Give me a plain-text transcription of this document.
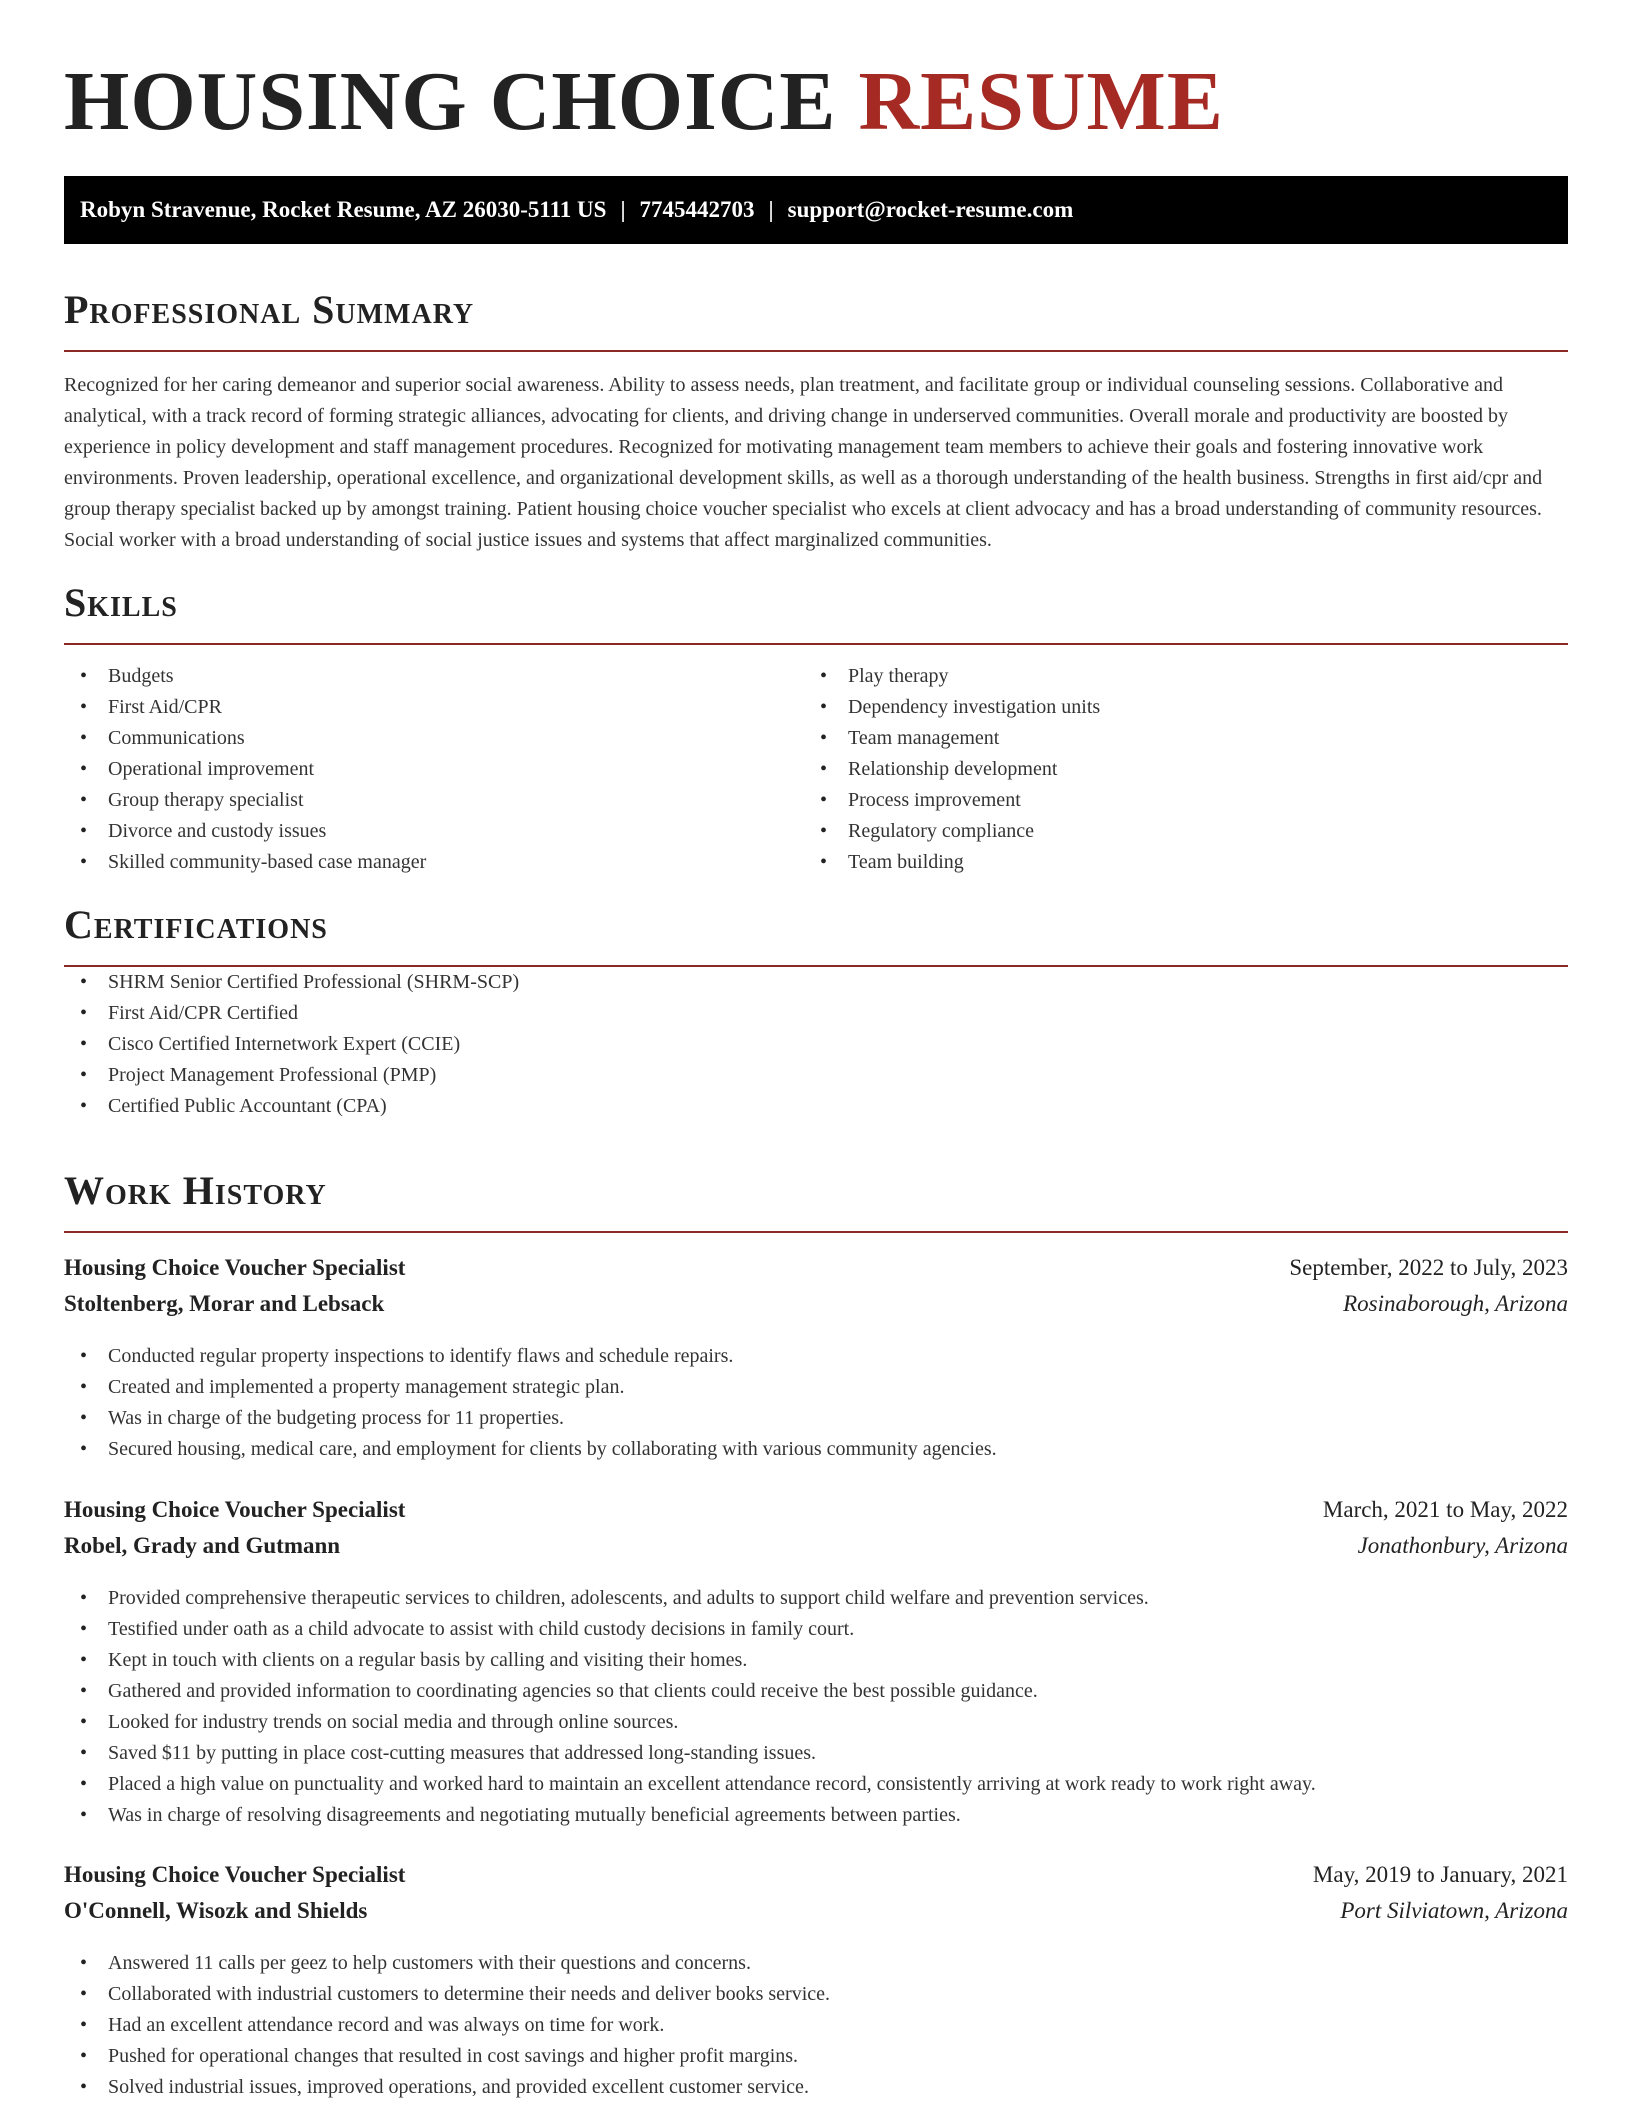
HOUSING CHOICE RESUME
Robyn Stravenue, Rocket Resume, AZ 26030-5111 US | 7745442703 | support@rocket-resume.com
Professional Summary

Recognized for her caring demeanor and superior social awareness. Ability to assess needs, plan treatment, and facilitate group or individual counseling sessions. Collaborative and analytical, with a track record of forming strategic alliances, advocating for clients, and driving change in underserved communities. Overall morale and productivity are boosted by experience in policy development and staff management procedures. Recognized for motivating management team members to achieve their goals and fostering innovative work environments. Proven leadership, operational excellence, and organizational development skills, as well as a thorough understanding of the health business. Strengths in first aid/cpr and group therapy specialist backed up by amongst training. Patient housing choice voucher specialist who excels at client advocacy and has a broad understanding of community resources. Social worker with a broad understanding of social justice issues and systems that affect marginalized communities.

Skills
• Budgets
• First Aid/CPR
• Communications
• Operational improvement
• Group therapy specialist
• Divorce and custody issues
• Skilled community-based case manager
• Play therapy
• Dependency investigation units
• Team management
• Relationship development
• Process improvement
• Regulatory compliance
• Team building
Certifications
• SHRM Senior Certified Professional (SHRM-SCP)
• First Aid/CPR Certified
• Cisco Certified Internetwork Expert (CCIE)
• Project Management Professional (PMP)
• Certified Public Accountant (CPA)
Work History
Housing Choice Voucher Specialist	September, 2022 to July, 2023
Stoltenberg, Morar and Lebsack	Rosinaborough, Arizona
• Conducted regular property inspections to identify flaws and schedule repairs.
• Created and implemented a property management strategic plan.
• Was in charge of the budgeting process for 11 properties.
• Secured housing, medical care, and employment for clients by collaborating with various community agencies.
Housing Choice Voucher Specialist	March, 2021 to May, 2022
Robel, Grady and Gutmann	Jonathonbury, Arizona
• Provided comprehensive therapeutic services to children, adolescents, and adults to support child welfare and prevention services.
• Testified under oath as a child advocate to assist with child custody decisions in family court.
• Kept in touch with clients on a regular basis by calling and visiting their homes.
• Gathered and provided information to coordinating agencies so that clients could receive the best possible guidance.
• Looked for industry trends on social media and through online sources.
• Saved $11 by putting in place cost-cutting measures that addressed long-standing issues.
• Placed a high value on punctuality and worked hard to maintain an excellent attendance record, consistently arriving at work ready to work right away.
• Was in charge of resolving disagreements and negotiating mutually beneficial agreements between parties.
Housing Choice Voucher Specialist	May, 2019 to January, 2021
O'Connell, Wisozk and Shields	Port Silviatown, Arizona
• Answered 11 calls per geez to help customers with their questions and concerns.
• Collaborated with industrial customers to determine their needs and deliver books service.
• Had an excellent attendance record and was always on time for work.
• Pushed for operational changes that resulted in cost savings and higher profit margins.
• Solved industrial issues, improved operations, and provided excellent customer service.
